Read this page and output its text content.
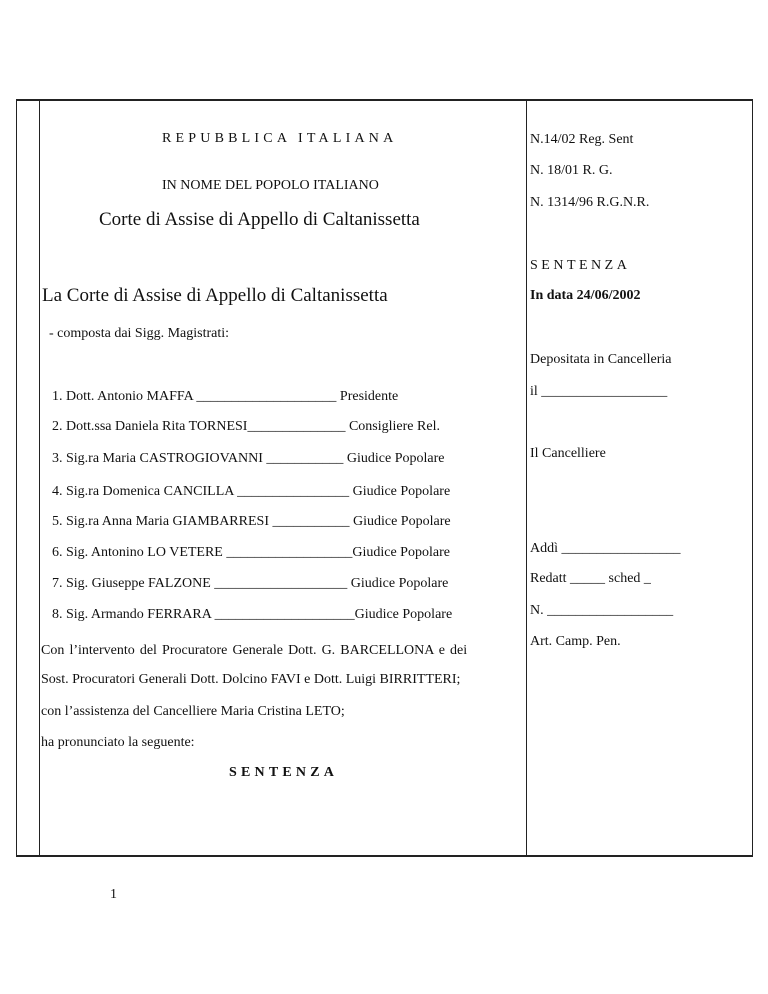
REPUBBLICA ITALIANA
IN NOME DEL POPOLO ITALIANO
Corte di Assise di Appello di Caltanissetta
La Corte di Assise di Appello di Caltanissetta
- composta dai Sigg. Magistrati:
1. Dott. Antonio MAFFA ____________________ Presidente
2. Dott.ssa Daniela Rita TORNESI______________ Consigliere Rel.
3. Sig.ra Maria CASTROGIOVANNI ___________ Giudice Popolare
4. Sig.ra Domenica CANCILLA ________________ Giudice Popolare
5. Sig.ra Anna Maria GIAMBARRESI ___________ Giudice Popolare
6. Sig. Antonino LO VETERE __________________Giudice Popolare
7. Sig. Giuseppe FALZONE ___________________ Giudice Popolare
8. Sig. Armando FERRARA ____________________Giudice Popolare
Con l’intervento del Procuratore Generale Dott. G. BARCELLONA e dei
Sost. Procuratori Generali Dott. Dolcino FAVI e Dott. Luigi BIRRITTERI;
con l’assistenza del Cancelliere Maria Cristina LETO;
ha pronunciato la seguente:
SENTENZA
N.14/02 Reg. Sent
N. 18/01 R. G.
N. 1314/96 R.G.N.R.
SENTENZA
In data 24/06/2002
Depositata in Cancelleria
il __________________
Il Cancelliere
Addì _________________
Redatt _____ sched _
N. __________________
Art. Camp. Pen.
1
